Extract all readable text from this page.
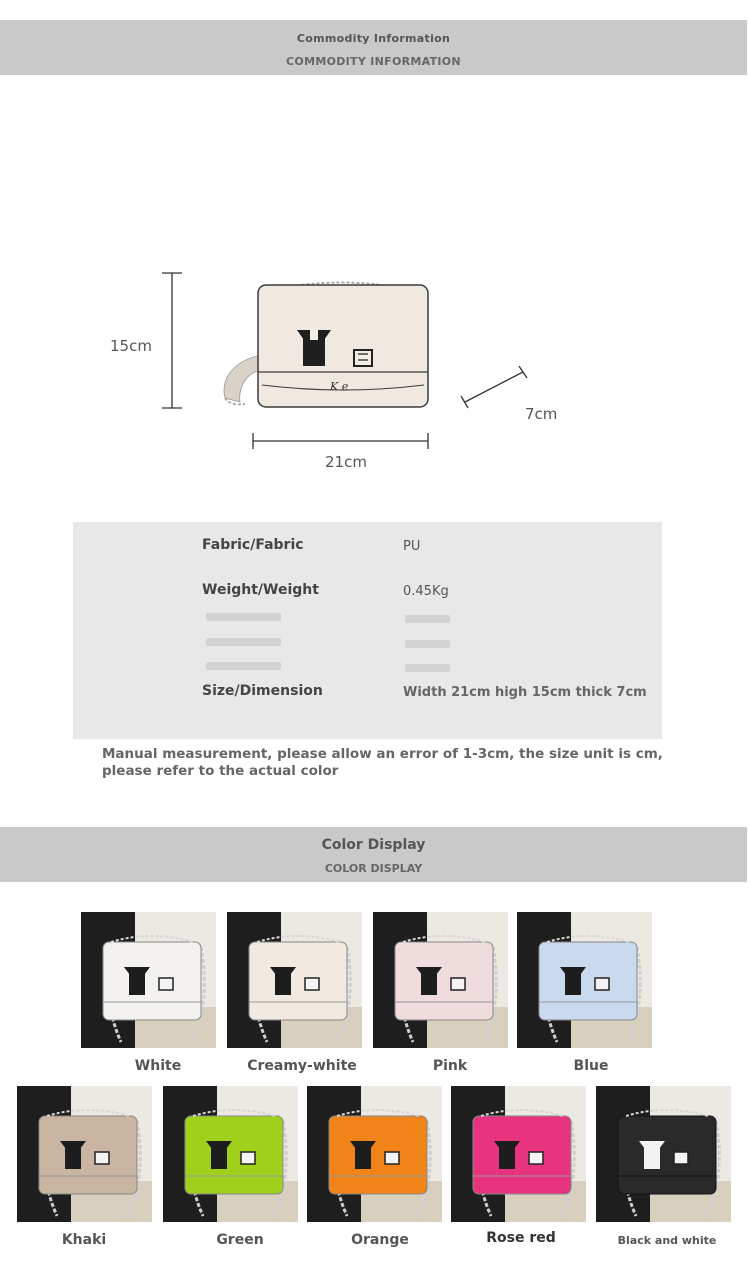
Commodity Information
COMMODITY INFORMATION
K e
15cm
21cm
7cm
Fabric/Fabric	PU
Weight/Weight	0.45Kg
Size/Dimension	Width 21cm high 15cm thick 7cm
Manual measurement, please allow an error of 1-3cm, the size unit is cm, please refer to the actual color
Color Display
COLOR DISPLAY
White	Creamy-white	Pink	Blue
Khaki	Green	Orange	Rose red	Black and white
